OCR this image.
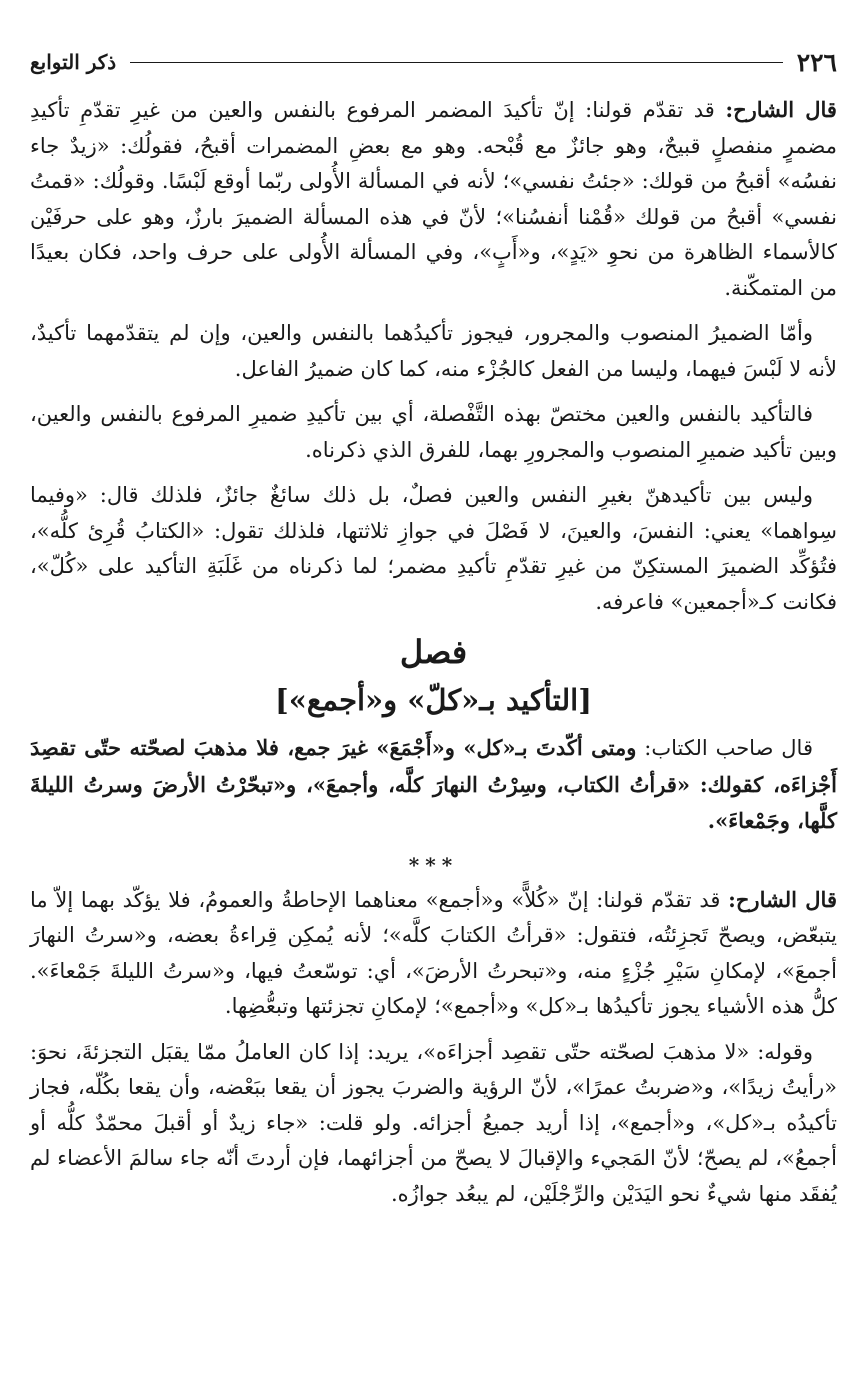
٢٢٦
ذكر التوابع

قال الشارح: قد تقدّم قولنا: إنّ تأكيدَ المضمر المرفوع بالنفس والعين من غيرِ تقدّمِ تأكيدِ مضمرٍ منفصلٍ قبيحٌ، وهو جائزٌ مع قُبْحه. وهو مع بعضِ المضمرات أقبحُ، فقولُك: «زيدٌ جاء نفسُه» أقبحُ من قولك: «جئتُ نفسي»؛ لأنه في المسألة الأُولى ربّما أوقع لَبْسًا. وقولُك: «قمتُ نفسي» أقبحُ من قولك «قُمْنا أنفسُنا»؛ لأنّ في هذه المسألة الضميرَ بارزٌ، وهو على حرفَيْن كالأسماء الظاهرة من نحوِ «يَدٍ»، و«أَبٍ»، وفي المسألة الأُولى على حرف واحد، فكان بعيدًا من المتمكّنة.

وأمّا الضميرُ المنصوب والمجرور، فيجوز تأكيدُهما بالنفس والعين، وإن لم يتقدّمهما تأكيدٌ، لأنه لا لَبْسَ فيهما، وليسا من الفعل كالجُزْء منه، كما كان ضميرُ الفاعل.

فالتأكيد بالنفس والعين مختصّ بهذه التَّفْصلة، أي بين تأكيدِ ضميرِ المرفوع بالنفس والعين، وبين تأكيد ضميرِ المنصوب والمجرورِ بهما، للفرق الذي ذكرناه.

وليس بين تأكيدهنّ بغيرِ النفس والعين فصلٌ، بل ذلك سائغٌ جائزٌ، فلذلك قال: «وفيما سِواهما» يعني: النفسَ، والعينَ، لا فَصْلَ في جوازِ ثلاثتها، فلذلك تقول: «الكتابُ قُرِئ كلُّه»، فتُؤكِّد الضميرَ المستكِنّ من غيرِ تقدّمِ تأكيدِ مضمر؛ لما ذكرناه من غَلَبَةِ التأكيد على «كُلّ»، فكانت كـ«أجمعين» فاعرفه.

فصل
[التأكيد بـ«كلّ» و«أجمع»]

قال صاحب الكتاب: ومتى أكّدتَ بـ«كل» و«أَجْمَعَ» غيرَ جمع، فلا مذهبَ لصحّته حتّى تقصِدَ أَجْزاءَه، كقولك: «قرأتُ الكتاب، وسِرْتُ النهارَ كلَّه، وأجمعَ»، و«تبحّرْتُ الأرضَ وسرتُ الليلةَ كلَّها، وجَمْعاءَ».

***

قال الشارح: قد تقدّم قولنا: إنّ «كُلاًّ» و«أجمع» معناهما الإحاطةُ والعمومُ، فلا يؤكّد بهما إلاّ ما يتبعّض، ويصحّ تَجزِئتُه، فتقول: «قرأتُ الكتابَ كلَّه»؛ لأنه يُمكِن قِراءةُ بعضه، و«سرتُ النهارَ أجمعَ»، لإمكانِ سَيْرِ جُزْءٍ منه، و«تبحرتُ الأرضَ»، أي: توسّعتُ فيها، و«سرتُ الليلةَ جَمْعاءَ». كلُّ هذه الأشياء يجوز تأكيدُها بـ«كل» و«أجمع»؛ لإمكانِ تجزئتها وتبعُّضِها.

وقوله: «لا مذهبَ لصحّته حتّى تقصِد أجزاءَه»، يريد: إذا كان العاملُ ممّا يقبَل التجزئةَ، نحوَ: «رأيتُ زيدًا»، و«ضربتُ عمرًا»، لأنّ الرؤية والضربَ يجوز أن يقعا ببَعْضه، وأن يقعا بكُلّه، فجاز تأكيدُه بـ«كل»، و«أجمع»، إذا أريد جميعُ أجزائه. ولو قلت: «جاء زيدٌ أو أقبلَ محمّدٌ كلُّه أو أجمعُ»، لم يصحّ؛ لأنّ المَجيء والإقبالَ لا يصحّ من أجزائهما، فإن أردتَ أنّه جاء سالمَ الأعضاء لم يُفقَد منها شيءٌ نحو اليَدَيْن والرِّجْلَيْن، لم يبعُد جوازُه.
